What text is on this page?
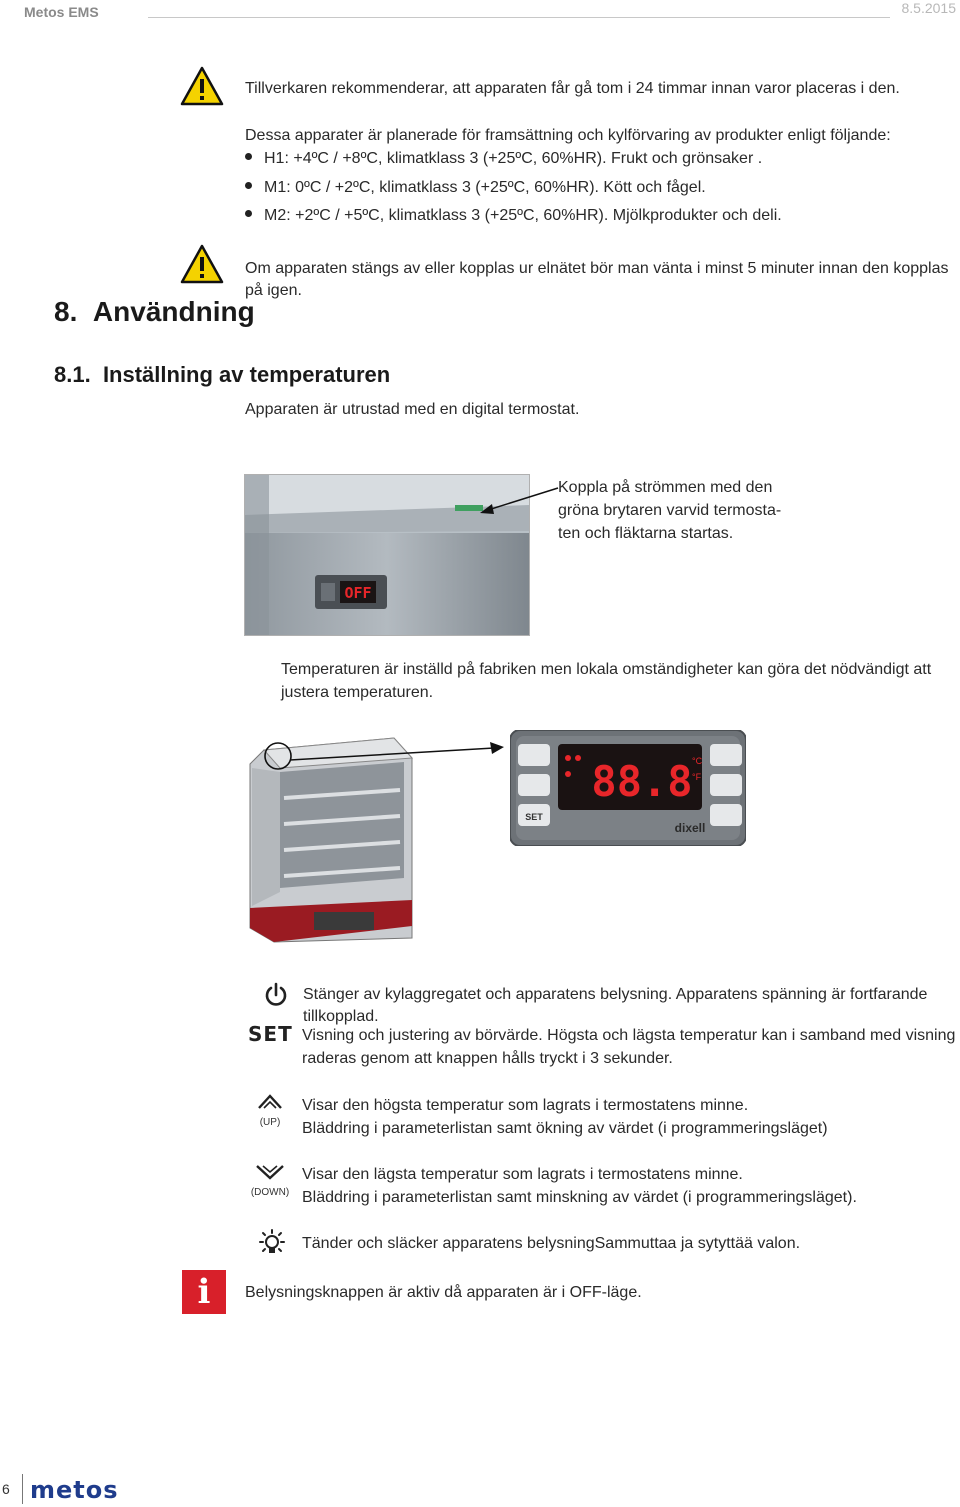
Metos EMS	8.5.2015
Tillverkaren rekommenderar, att apparaten får gå tom i 24 timmar innan varor placeras i den.
Dessa apparater är planerade för framsättning och kylförvaring av produkter enligt följande:
H1: +4ºC / +8ºC, klimatklass 3 (+25ºC, 60%HR). Frukt och grönsaker .
M1: 0ºC / +2ºC, klimatklass 3 (+25ºC, 60%HR). Kött och fågel.
M2: +2ºC / +5ºC, klimatklass 3 (+25ºC, 60%HR). Mjölkprodukter och deli.
Om apparaten stängs av eller kopplas ur elnätet bör man vänta i minst 5 minuter innan den kopplas på igen.
8. Användning
8.1. Inställning av temperaturen
Apparaten är utrustad med en digital termostat.
OFF
Koppla på strömmen med den
gröna brytaren varvid termosta-
ten och fläktarna startas.
Temperaturen är inställd på fabriken men lokala omständigheter kan göra det nödvändigt att
justera temperaturen.
SET
88.8 °C
°F
dixell
Stänger av kylaggregatet och apparatens belysning. Apparatens spänning är fortfarande tillkopplad.
SET Visning och justering av börvärde. Högsta och lägsta temperatur kan i samband med visning
raderas genom att knappen hålls tryckt i 3 sekunder.
(UP)
Visar den högsta temperatur som lagrats i termostatens minne.
Bläddring i parameterlistan samt ökning av värdet (i programmeringsläget)
(DOWN)
Visar den lägsta temperatur som lagrats i termostatens minne.
Bläddring i parameterlistan samt minskning av värdet (i programmeringsläget).
Tänder och släcker apparatens belysningSammuttaa ja sytyttää valon.
i	Belysningsknappen är aktiv då apparaten är i OFF-läge.
6 metos
